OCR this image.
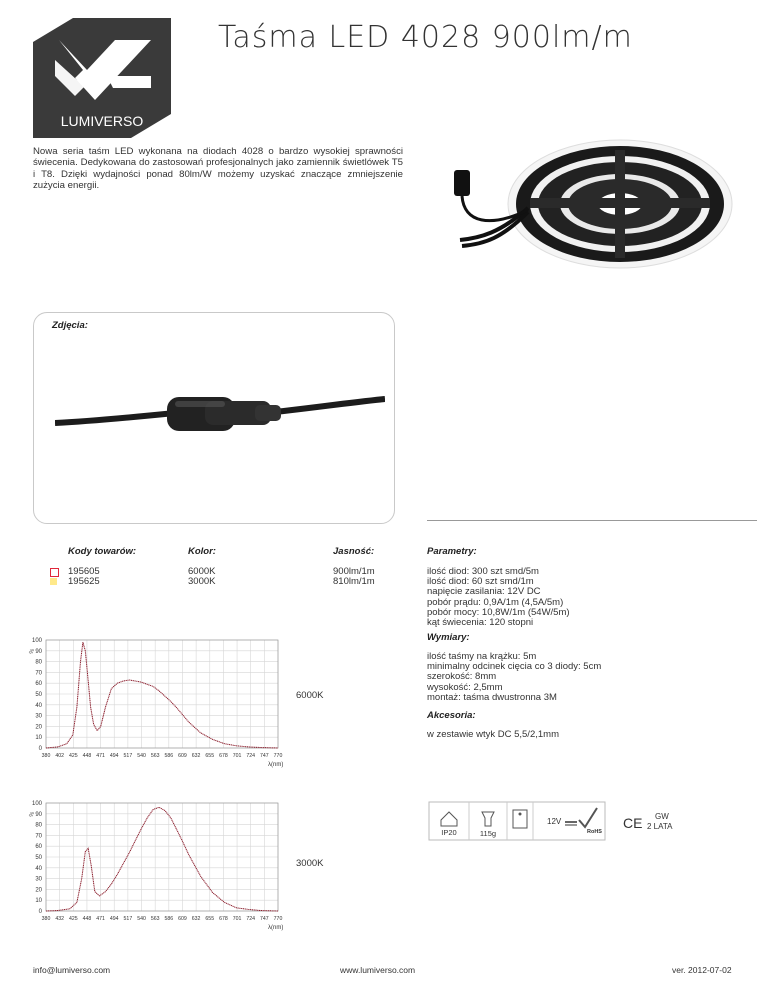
LUMIVERSO
Taśma LED 4028 900lm/m
Nowa seria taśm LED wykonana na diodach 4028 o bardzo wysokiej sprawności świecenia. Dedykowana do zastosowań profesjonalnych jako zamiennik świetlówek T5 i T8. Dzięki wydajności ponad 80lm/W możemy uzyskać znaczące zmniejszenie zużycia energii.
Zdjęcia:
Kody towarów:	Kolor:	Jasność:
195605	6000K	900lm/1m
195625	3000K	810lm/1m
Parametry:
ilość diod: 300 szt smd/5m
ilość diod: 60 szt smd/1m
napięcie zasilania: 12V DC
pobór prądu: 0,9A/1m (4,5A/5m)
pobór mocy: 10,8W/1m (54W/5m)
kąt świecenia: 120 stopni
Wymiary:
ilość taśmy na krążku: 5m
minimalny odcinek cięcia co 3 diody: 5cm
szerokość: 8mm
wysokość: 2,5mm
montaż: taśma dwustronna 3M
Akcesoria:
w zestawie wtyk DC 5,5/2,1mm
%
0
10
20
30
40
50
60
70
80
90
100
380 402 425 448 471 494 517 540 563 586 609 632 655 678 701 724 747 770
λ(nm)
6000K
%
0
10
20
30
40
50
60
70
80
90
100
380 432 425 448 471 494 517 540 563 586 609 632 655 678 701 724 747 770
λ(nm)
3000K
IP20	115g
12V
RoHS
CE GW
2 LATA
info@lumiverso.com	www.lumiverso.com	ver. 2012-07-02
